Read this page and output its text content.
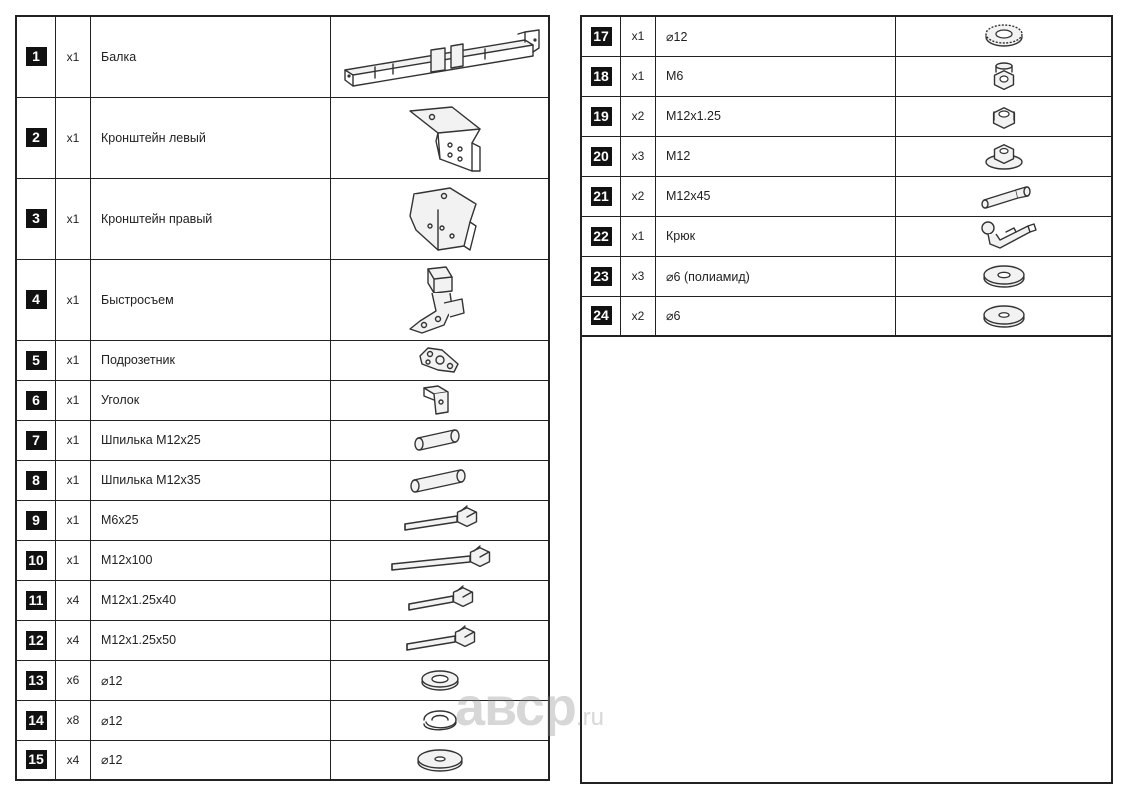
1	x1	Балка	

2	x1	Кронштейн левый	

3	x1	Кронштейн правый	

4	x1	Быстросъем	

5	x1	Подрозетник	

6	x1	Уголок	

7	x1	Шпилька M12x25	

8	x1	Шпилька M12x35	

9	x1	M6x25	

10	x1	M12x100	

11	x4	M12x1.25x40	

12	x4	M12x1.25x50	

13	x6	⌀12	

14	x8	⌀12	

15	x4	⌀12	
17	x1	⌀12	

18	x1	M6	

19	x2	M12x1.25	

20	x3	M12	

21	x2	M12x45	

22	x1	Крюк	

23	x3	⌀6 (полиамид)	

24	x2	⌀6	
авср.ru
